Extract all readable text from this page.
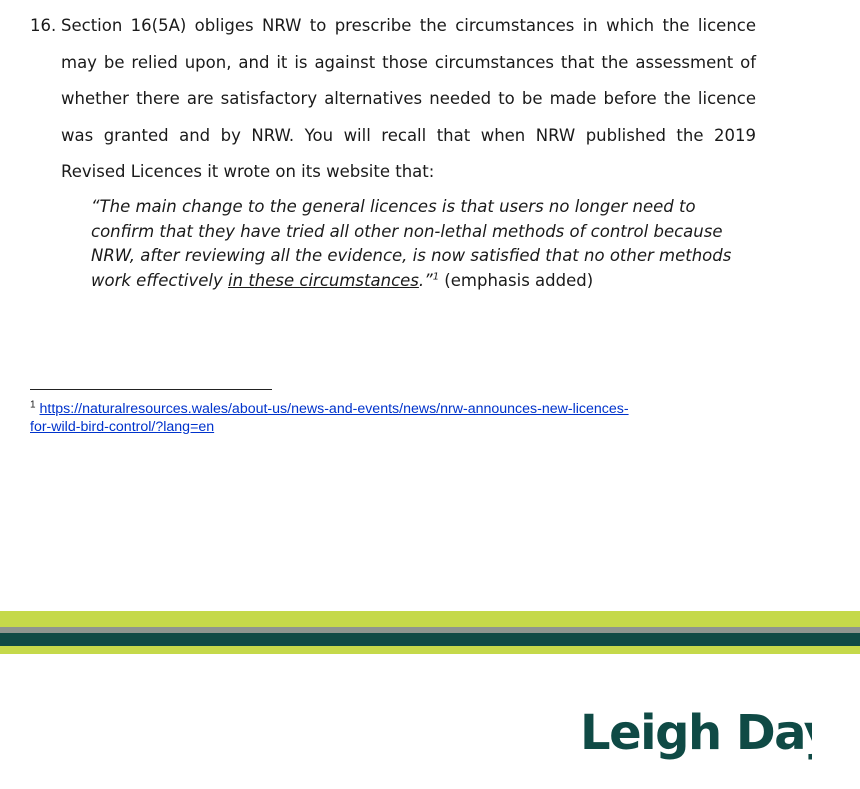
16. Section 16(5A) obliges NRW to prescribe the circumstances in which the licence may be relied upon, and it is against those circumstances that the assessment of whether there are satisfactory alternatives needed to be made before the licence was granted and by NRW. You will recall that when NRW published the 2019 Revised Licences it wrote on its website that:
“The main change to the general licences is that users no longer need to confirm that they have tried all other non-lethal methods of control because NRW, after reviewing all the evidence, is now satisfied that no other methods work effectively in these circumstances.”$^1$ (emphasis added)
$^1$ https://naturalresources.wales/about-us/news-and-events/news/nrw-announces-new-licences-
for-wild-bird-control/?lang=en
Leigh Day
